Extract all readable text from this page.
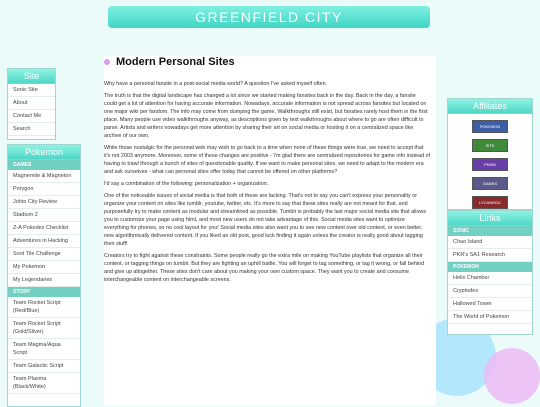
GREENFIELD CITY
Site
Sonic Site
About
Contact Me
Search
Pokemon
GAMES
Magnemite & Magneton
Porygon
Johto City Review
Stadium 2
Z-A Pokedex Checklist
Adventures in Hacking
Soot Tile Challenge
My Pokemon
My Legendaries
STORY
Team Rocket Script (Red/Blue)
Team Rocket Script (Gold/Silver)
Team Magma/Aqua Script
Team Galactic Script
Team Plasma (Black/White)
Modern Personal Sites

Why have a personal fansite in a post-social media world? A question I've asked myself often.

The truth is that the digital landscape has changed a lot since we started making fansites back in the day. Back in the day, a fansite could get a lot of attention for having accurate information. Nowadays, accurate information is not spread across fansites but located on one major wiki per fandom. The info may come from dumping the game, Walkthroughs still exist, but fansites rarely host them in the first place. Many people use video walkthroughs anyway, as descriptions given by text walkthroughs about where to go are often difficult to parse. Artists and writers nowadays get more attention by sharing their art on social media or hosting it on a centralized space like archive of our own.

While those nostalgic for the personal web may wish to go back to a time when none of these things were true, we need to accept that it's not 2003 anymore. Moreover, some of these changes are positive - I'm glad there are centralized repositories for game info instead of having to trawl through a bunch of sites of questionable quality. If we want to make personal sites, we need to adapt to the modern era and ask ourselves - what can personal sites offer today that cannot be offered on other platforms?

I'd say a combination of the following: personalization + organization.

One of the noticeable issues of social media is that both of these are lacking. That's not to say you can't express your personality or organize your content on sites like tumblr, youtube, twitter, etc. It's more to say that these sites really are not meant for that, and purposefully try to make content as modular and streamlined as possible. Tumblr is probably the last major social media site that allows you to customize your page using html, and most new users do not take advantage of this. Social media sites want to optimize everything for phones, so no cool layout for you! Social media sites also want you to see new content over old content, or even better, new algorithmically delivered content. If you liked an old post, good luck finding it again unless the creator is really good about tagging their stuff!

Creators try to fight against these constraints. Some people really go the extra mile on making YouTube playlists that organize all their content, or tagging things on tumblr. But they are fighting an uphill battle. You will forget to tag something, or tag it wrong, or fall behind and give up altogether. These sites don't care about you making your own custom space. They want you to create and consume interchangeable content on interchangeable screens.

Affiliates
POKEMON
SITE
PKMN
GAMES
LYCANROC
Links
SONIC
Chao Island
PKR's SA1 Research
POKEMON
Helix Chamber
Cryptodex
Hallowed Tower
The World of Pokemon
